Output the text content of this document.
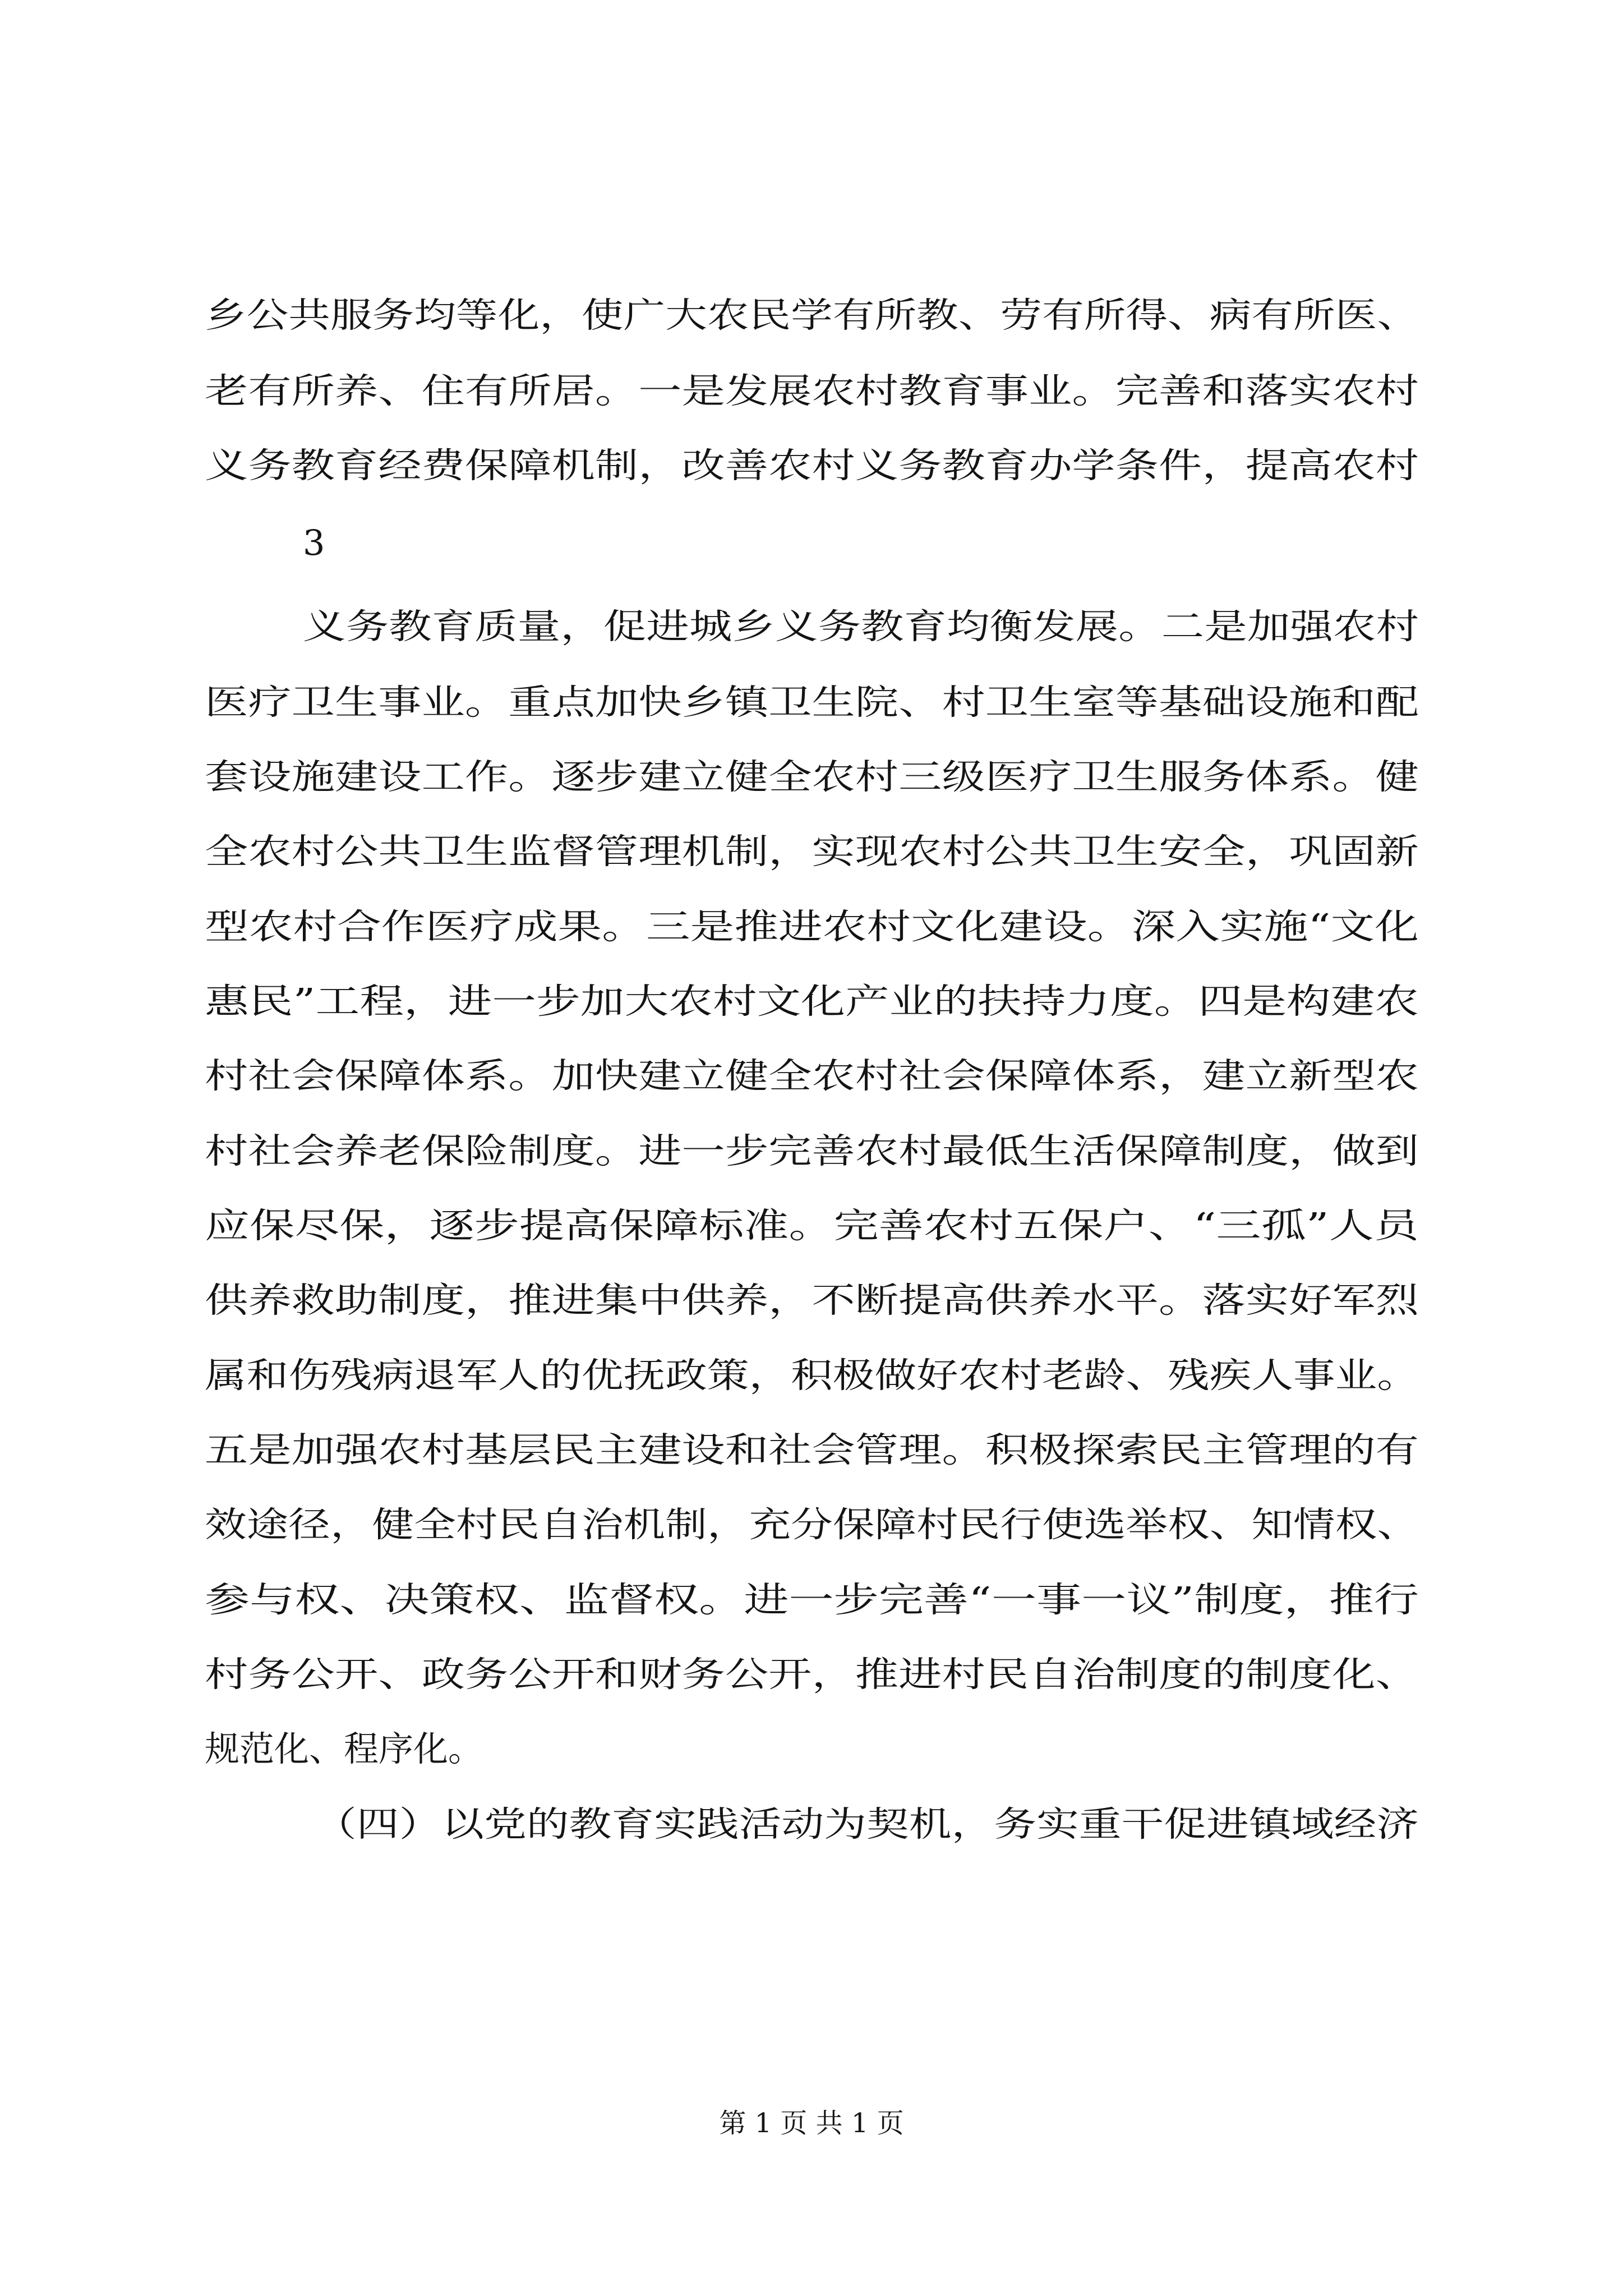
乡公共服务均等化，使广大农民学有所教、劳有所得、病有所医、
老有所养、住有所居。一是发展农村教育事业。完善和落实农村
义务教育经费保障机制，改善农村义务教育办学条件，提高农村
3
义务教育质量，促进城乡义务教育均衡发展。二是加强农村
医疗卫生事业。重点加快乡镇卫生院、村卫生室等基础设施和配
套设施建设工作。逐步建立健全农村三级医疗卫生服务体系。健
全农村公共卫生监督管理机制，实现农村公共卫生安全，巩固新
型农村合作医疗成果。三是推进农村文化建设。深入实施“文化
惠民”工程，进一步加大农村文化产业的扶持力度。四是构建农
村社会保障体系。加快建立健全农村社会保障体系，建立新型农
村社会养老保险制度。进一步完善农村最低生活保障制度，做到
应保尽保，逐步提高保障标准。完善农村五保户、“三孤”人员
供养救助制度，推进集中供养，不断提高供养水平。落实好军烈
属和伤残病退军人的优抚政策，积极做好农村老龄、残疾人事业。
五是加强农村基层民主建设和社会管理。积极探索民主管理的有
效途径，健全村民自治机制，充分保障村民行使选举权、知情权、
参与权、决策权、监督权。进一步完善“一事一议”制度，推行
村务公开、政务公开和财务公开，推进村民自治制度的制度化、
规范化、程序化。
（四）以党的教育实践活动为契机，务实重干促进镇域经济
第 1 页 共 1 页
